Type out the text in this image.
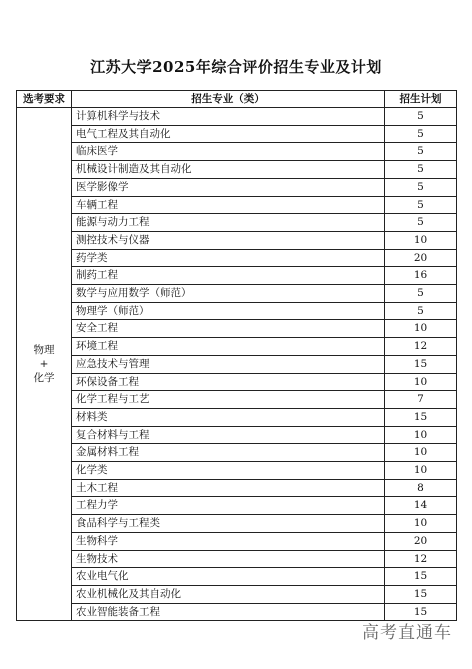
江苏大学2025年综合评价招生专业及计划
选考要求	招生专业（类）	招生计划

物理
+
化学	计算机科学与技术	5
	电气工程及其自动化	5
	临床医学	5
	机械设计制造及其自动化	5
	医学影像学	5
	车辆工程	5
	能源与动力工程	5
	测控技术与仪器	10
	药学类	20
	制药工程	16
	数学与应用数学（师范）	5
	物理学（师范）	5
	安全工程	10
	环境工程	12
	应急技术与管理	15
	环保设备工程	10
	化学工程与工艺	7
	材料类	15
	复合材料与工程	10
	金属材料工程	10
	化学类	10
	土木工程	8
	工程力学	14
	食品科学与工程类	10
	生物科学	20
	生物技术	12
	农业电气化	15
	农业机械化及其自动化	15
	农业智能装备工程	15
高考直通车
